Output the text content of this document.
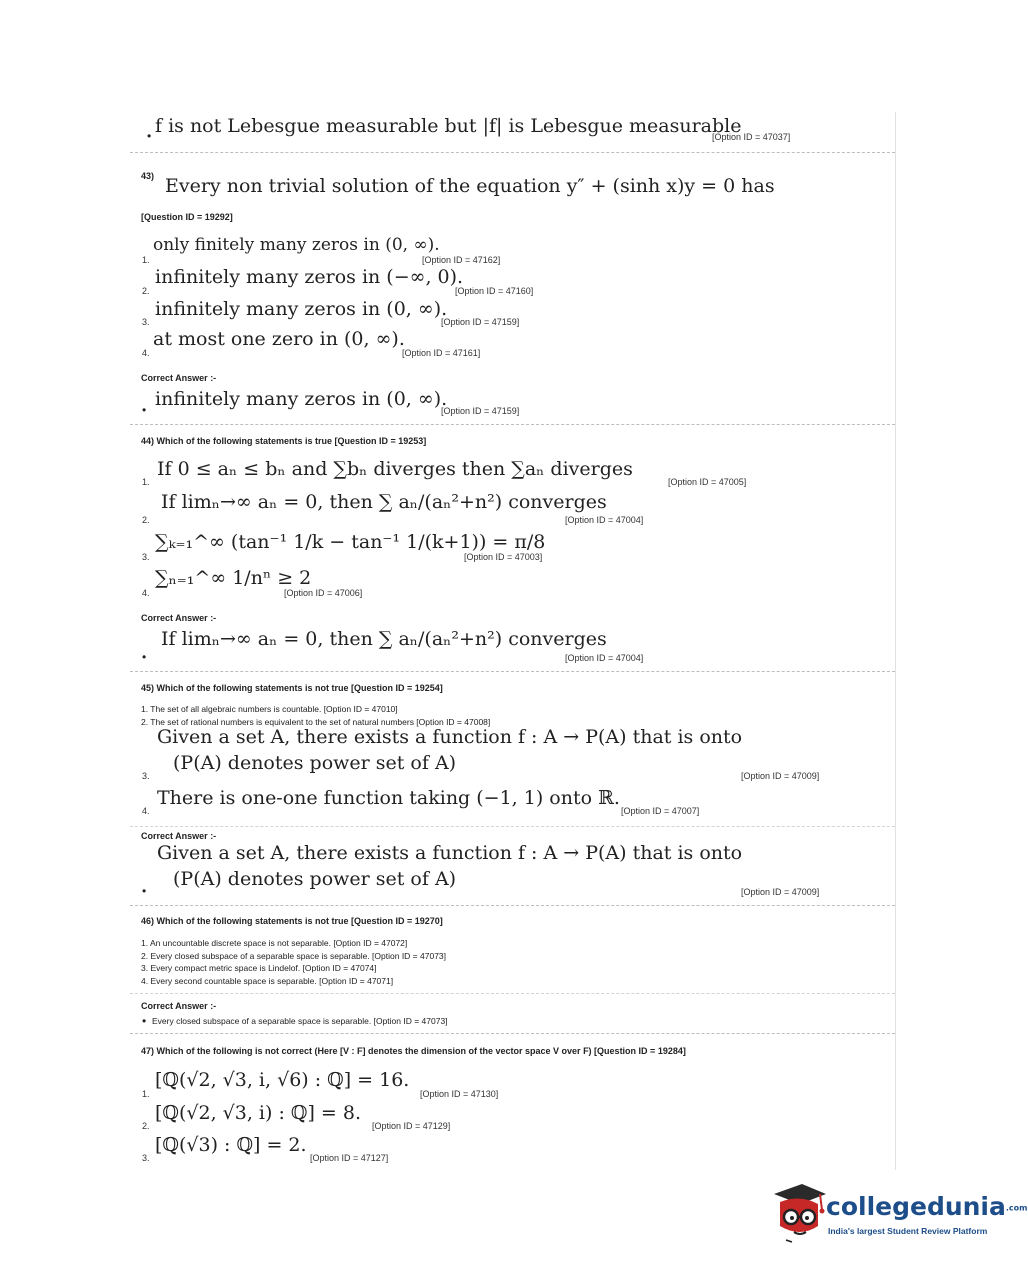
• f is not Lebesgue measurable but |f| is Lebesgue measurable
[Option ID = 47037]
43) Every non trivial solution of the equation y″ + (sinh x)y = 0 has
[Question ID = 19292]
1.
only finitely many zeros in (0, ∞).
[Option ID = 47162]
2.
infinitely many zeros in (−∞, 0).
[Option ID = 47160]
3.
infinitely many zeros in (0, ∞).
[Option ID = 47159]
4.
at most one zero in (0, ∞).
[Option ID = 47161]
Correct Answer :-
• infinitely many zeros in (0, ∞).
[Option ID = 47159]
44) Which of the following statements is true [Question ID = 19253]
1.
If 0 ≤ aₙ ≤ bₙ and ∑bₙ diverges then ∑aₙ diverges
[Option ID = 47005]
2.
If limₙ→∞ aₙ = 0, then ∑ aₙ/(aₙ²+n²) converges
[Option ID = 47004]
3.
∑ₖ₌₁^∞ (tan⁻¹ 1/k − tan⁻¹ 1/(k+1)) = π/8
[Option ID = 47003]
4.
∑ₙ₌₁^∞ 1/nⁿ ≥ 2
[Option ID = 47006]
Correct Answer :-
•
If limₙ→∞ aₙ = 0, then ∑ aₙ/(aₙ²+n²) converges
[Option ID = 47004]
45) Which of the following statements is not true [Question ID = 19254]
1. The set of all algebraic numbers is countable. [Option ID = 47010]
2. The set of rational numbers is equivalent to the set of natural numbers [Option ID = 47008]
Given a set A, there exists a function f : A → P(A) that is onto
(P(A) denotes power set of A)
3.	[Option ID = 47009]
4.
There is one-one function taking (−1, 1) onto ℝ.
[Option ID = 47007]
Correct Answer :-
Given a set A, there exists a function f : A → P(A) that is onto
(P(A) denotes power set of A)
•	[Option ID = 47009]
46) Which of the following statements is not true [Question ID = 19270]
1. An uncountable discrete space is not separable. [Option ID = 47072]
2. Every closed subspace of a separable space is separable. [Option ID = 47073]
3. Every compact metric space is Lindelof. [Option ID = 47074]
4. Every second countable space is separable. [Option ID = 47071]
Correct Answer :-
• Every closed subspace of a separable space is separable. [Option ID = 47073]
47) Which of the following is not correct (Here [V : F] denotes the dimension of the vector space V over F) [Question ID = 19284]
1.
[ℚ(√2, √3, i, √6) : ℚ] = 16.
[Option ID = 47130]
2.
[ℚ(√2, √3, i) : ℚ] = 8.
[Option ID = 47129]
3.
[ℚ(√3) : ℚ] = 2.
[Option ID = 47127]
collegedunia.com
India's largest Student Review Platform
